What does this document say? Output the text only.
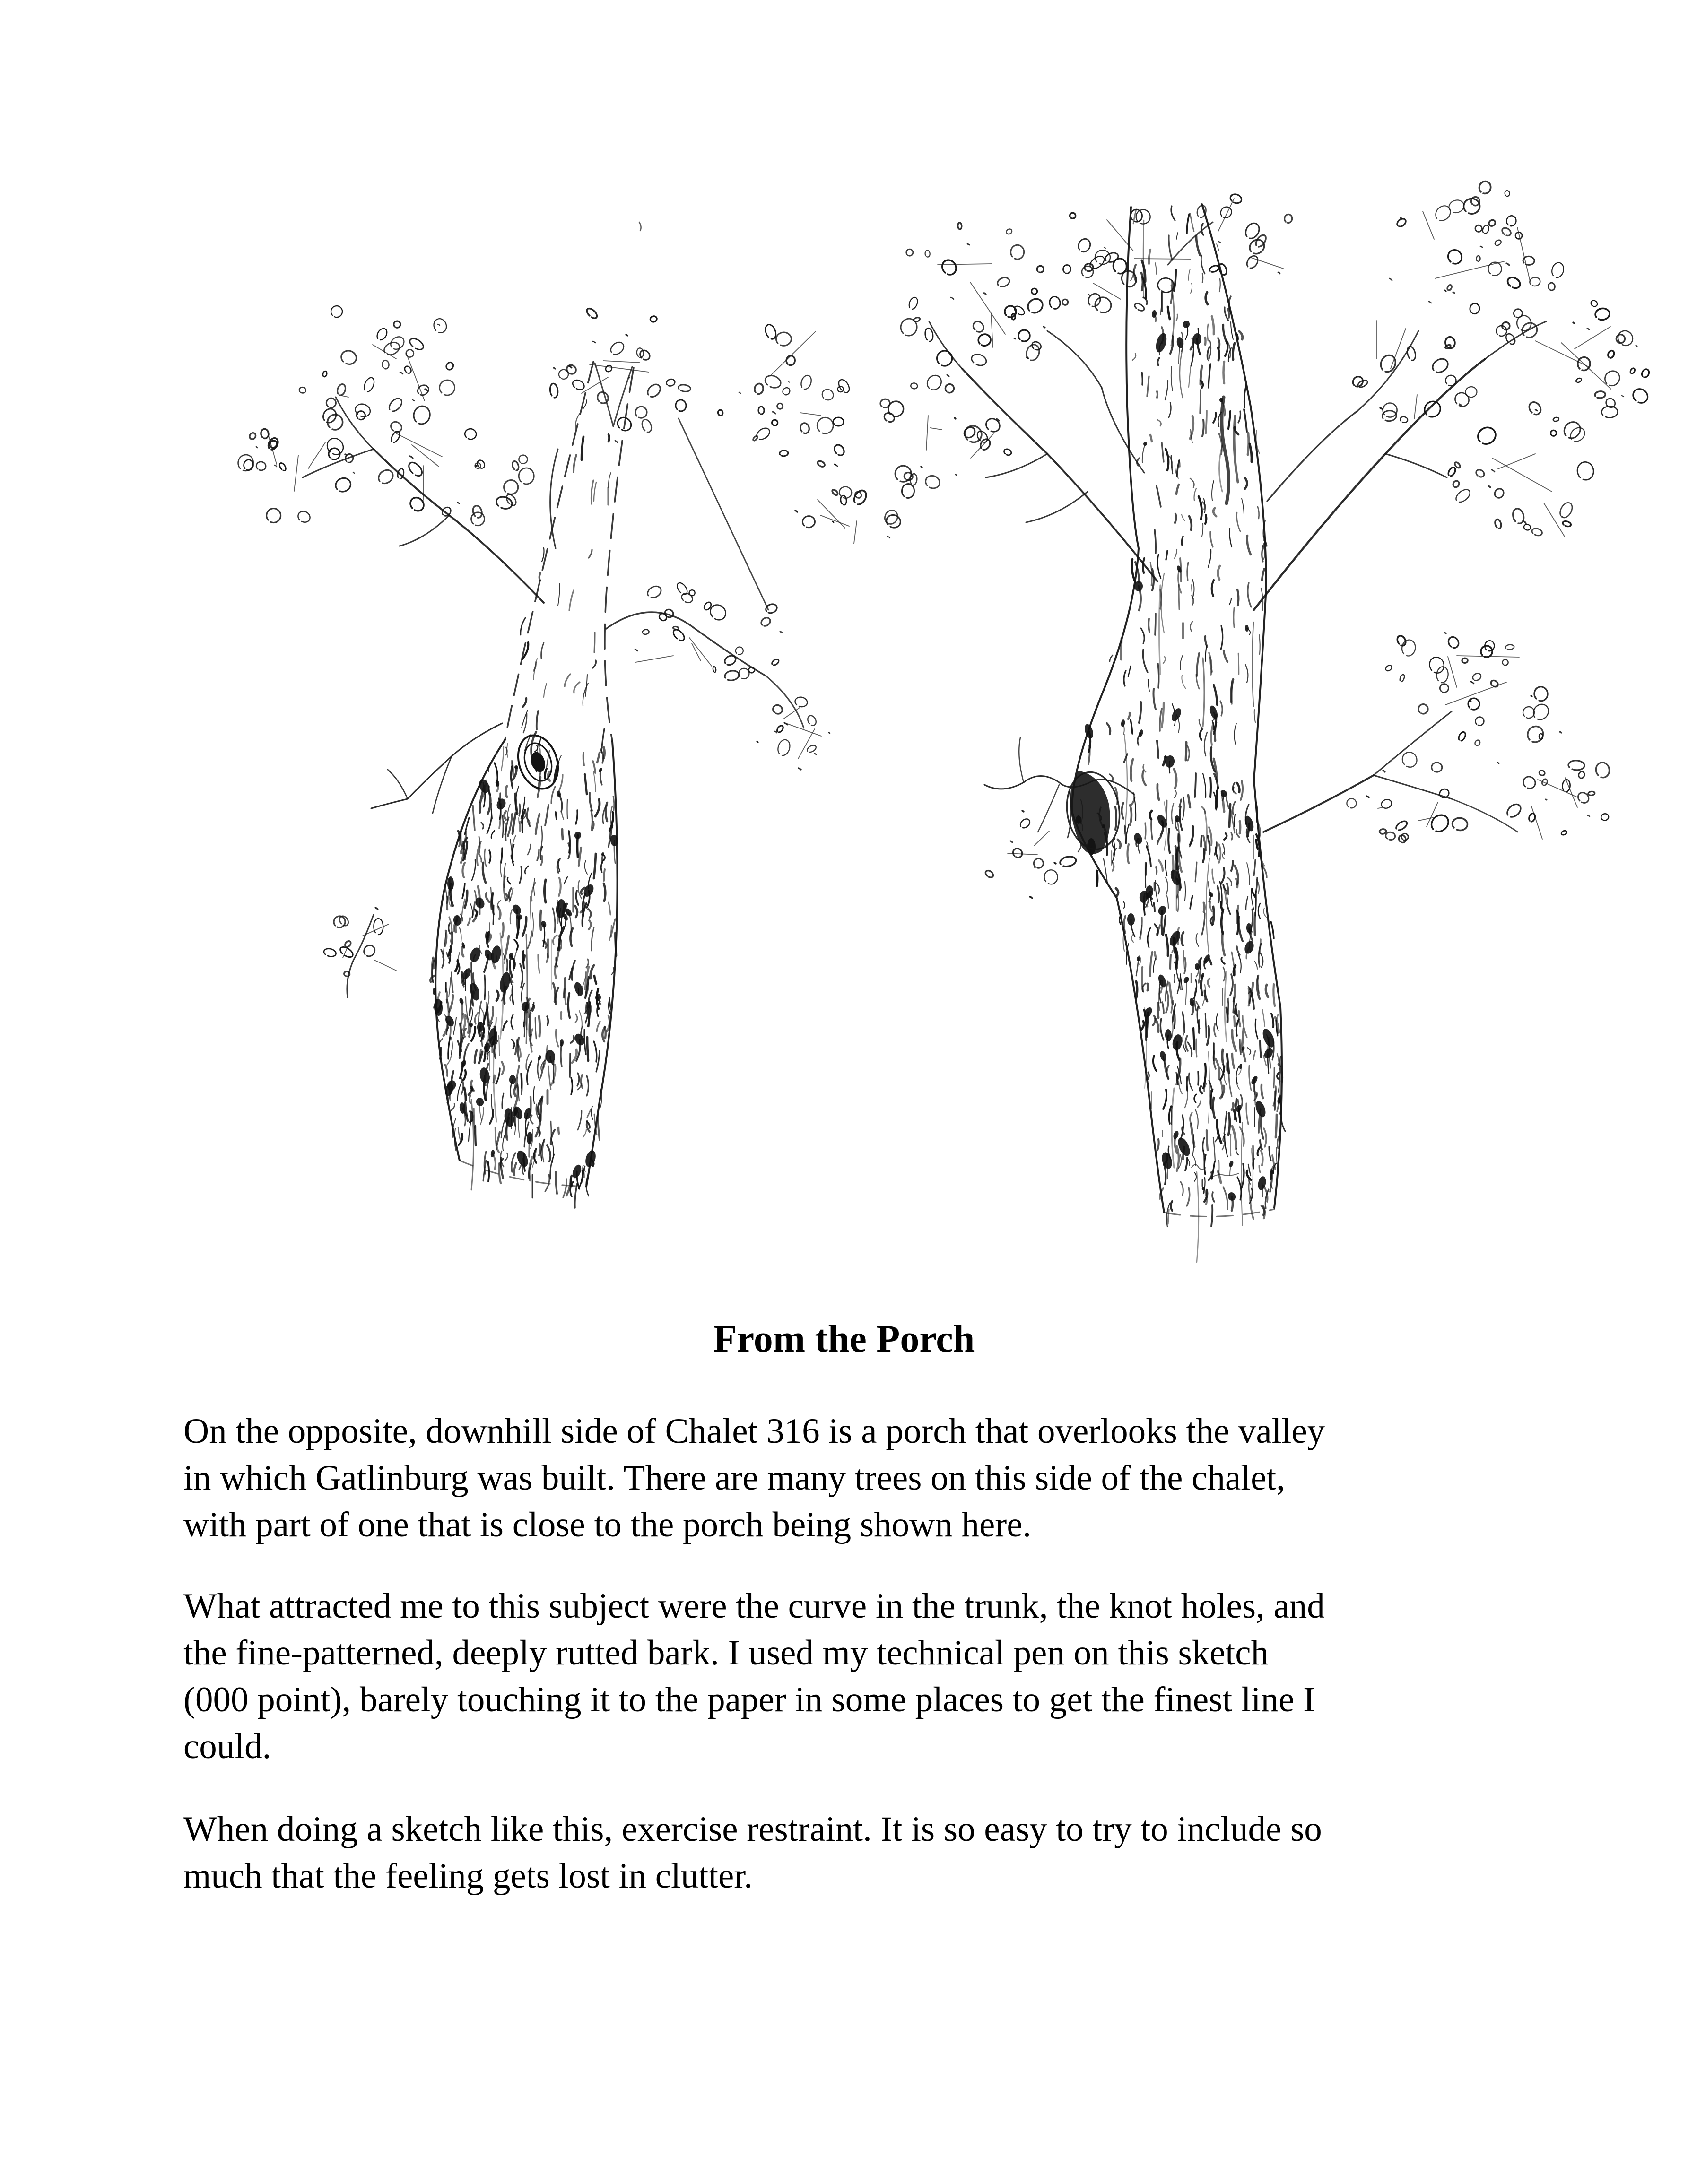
From the Porch
On the opposite, downhill side of Chalet 316 is a porch that overlooks the valley
in which Gatlinburg was built. There are many trees on this side of the chalet,
with part of one that is close to the porch being shown here.
What attracted me to this subject were the curve in the trunk, the knot holes, and
the fine-patterned, deeply rutted bark. I used my technical pen on this sketch
(000 point), barely touching it to the paper in some places to get the finest line I
could.
When doing a sketch like this, exercise restraint. It is so easy to try to include so
much that the feeling gets lost in clutter.
